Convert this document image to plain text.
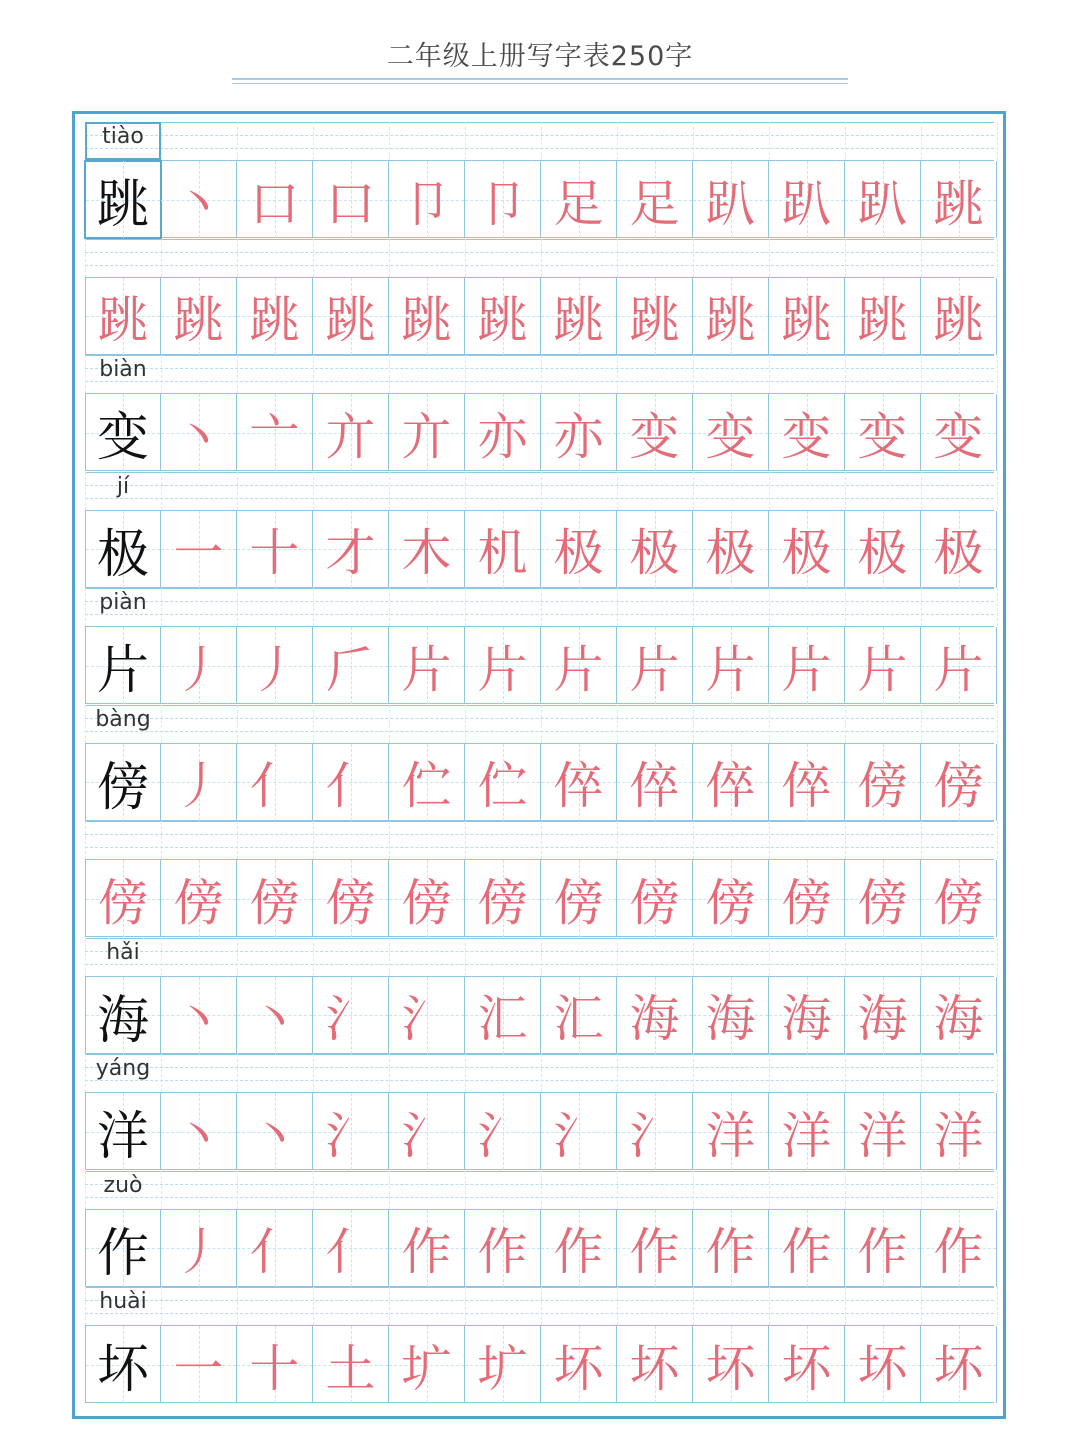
二年级上册写字表250字
tiào
跳 丶 口 口 卩 卩 足 足 趴 趴 趴 跳
跳 跳 跳 跳 跳 跳 跳 跳 跳 跳 跳 跳
biàn
变 丶 亠 亣 亣 亦 亦 变 变 变 变 变
jí
极 一 十 才 木 机 极 极 极 极 极 极
piàn
片 丿 丿 𠂆 片 片 片 片 片 片 片 片
bàng
傍 丿 亻 亻 伫 伫 倅 倅 倅 倅 傍 傍
傍 傍 傍 傍 傍 傍 傍 傍 傍 傍 傍 傍
hǎi
海 丶 丶 氵 氵 汇 汇 海 海 海 海 海
yáng
洋 丶 丶 氵 氵 氵 氵 氵 洋 洋 洋 洋
zuò
作 丿 亻 亻 作 作 作 作 作 作 作 作
huài
坏 一 十 土 圹 圹 坏 坏 坏 坏 坏 坏
